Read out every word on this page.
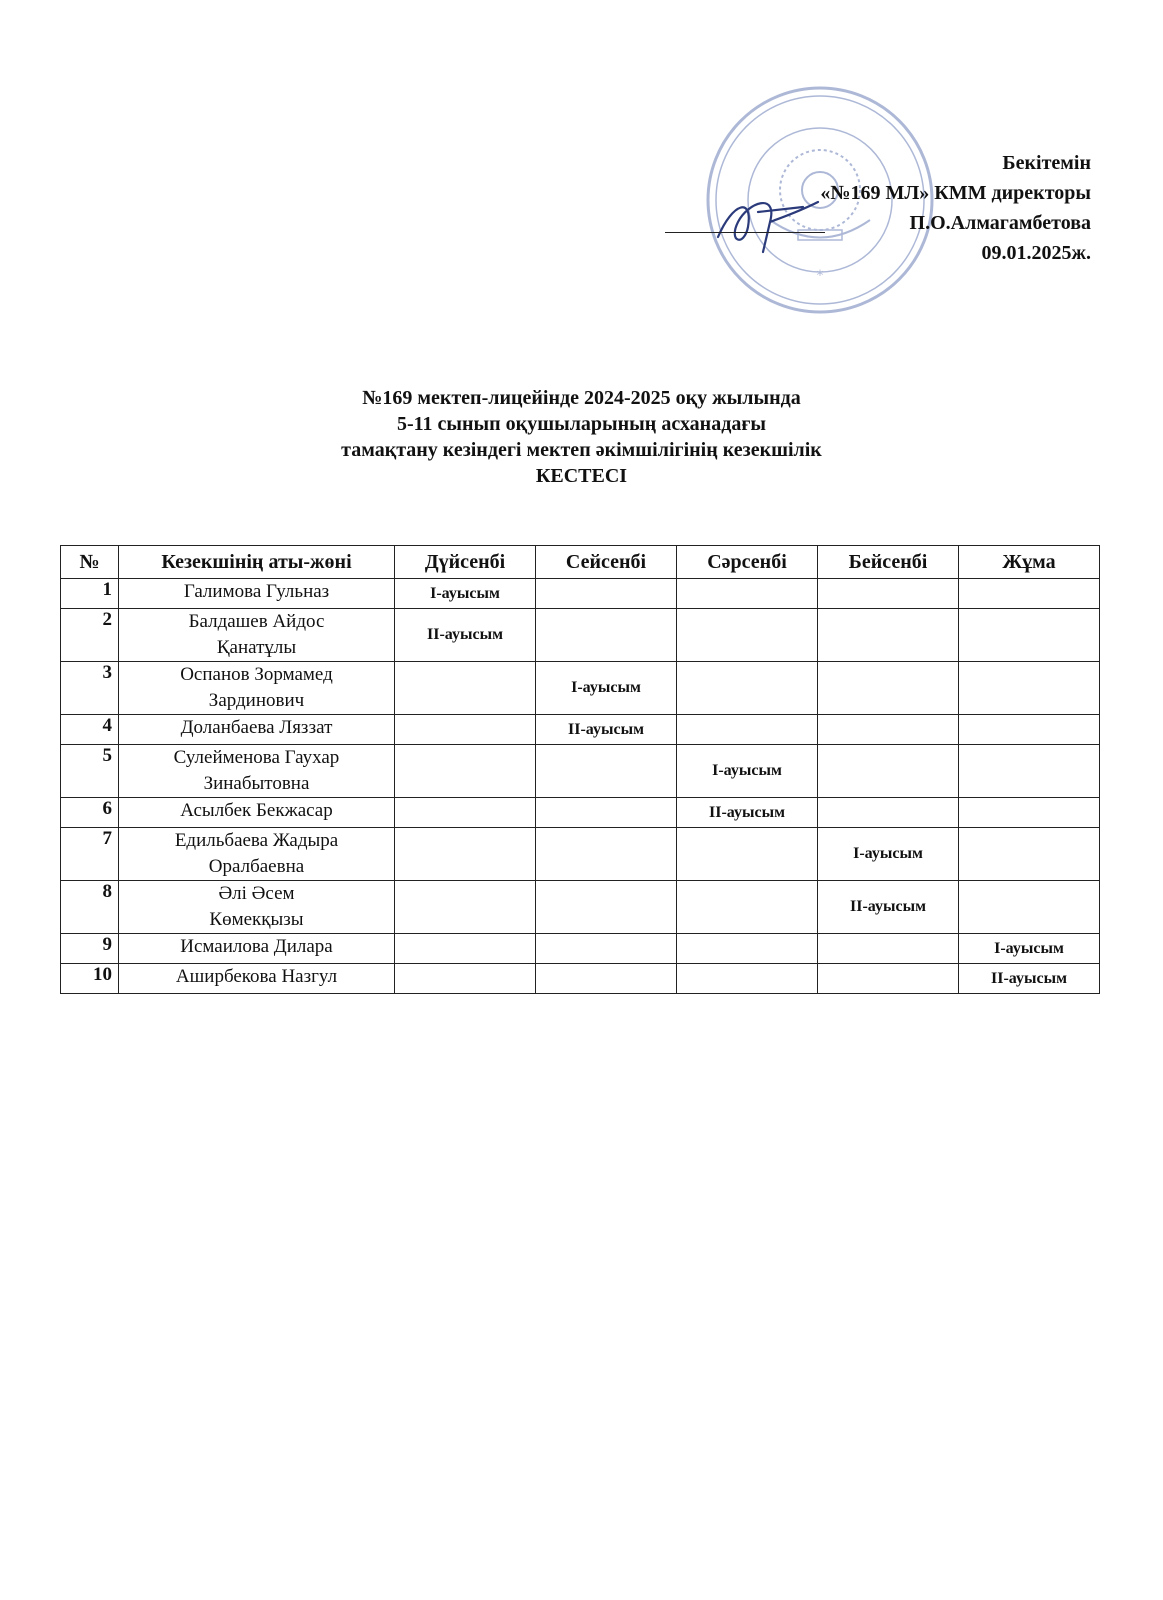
*
Бекітемін
«№169 МЛ» КММ директоры
П.О.Алмагамбетова
09.01.2025ж.
№169 мектеп-лицейінде 2024-2025 оқу жылында
5-11 сынып оқушыларының асханадағы
тамақтану кезіндегі мектеп әкімшілігінің кезекшілік
КЕСТЕСІ
№	Кезекшінің аты-жөні	Дүйсенбі	Сейсенбі	Сәрсенбі	Бейсенбі	Жұма
1	Галимова Гульназ	І-ауысым				
2	Балдашев Айдос
Қанатұлы	ІІ-ауысым				
3	Оспанов Зормамед
Зардинович		І-ауысым			
4	Доланбаева Ляззат		ІІ-ауысым			
5	Сулейменова Гаухар
Зинабытовна			І-ауысым		
6	Асылбек Бекжасар			ІІ-ауысым		
7	Едильбаева Жадыра
Оралбаевна				І-ауысым	
8	Әлі Әсем
Көмекқызы				ІІ-ауысым	
9	Исмаилова Дилара					І-ауысым
10	Аширбекова Назгул					ІІ-ауысым
